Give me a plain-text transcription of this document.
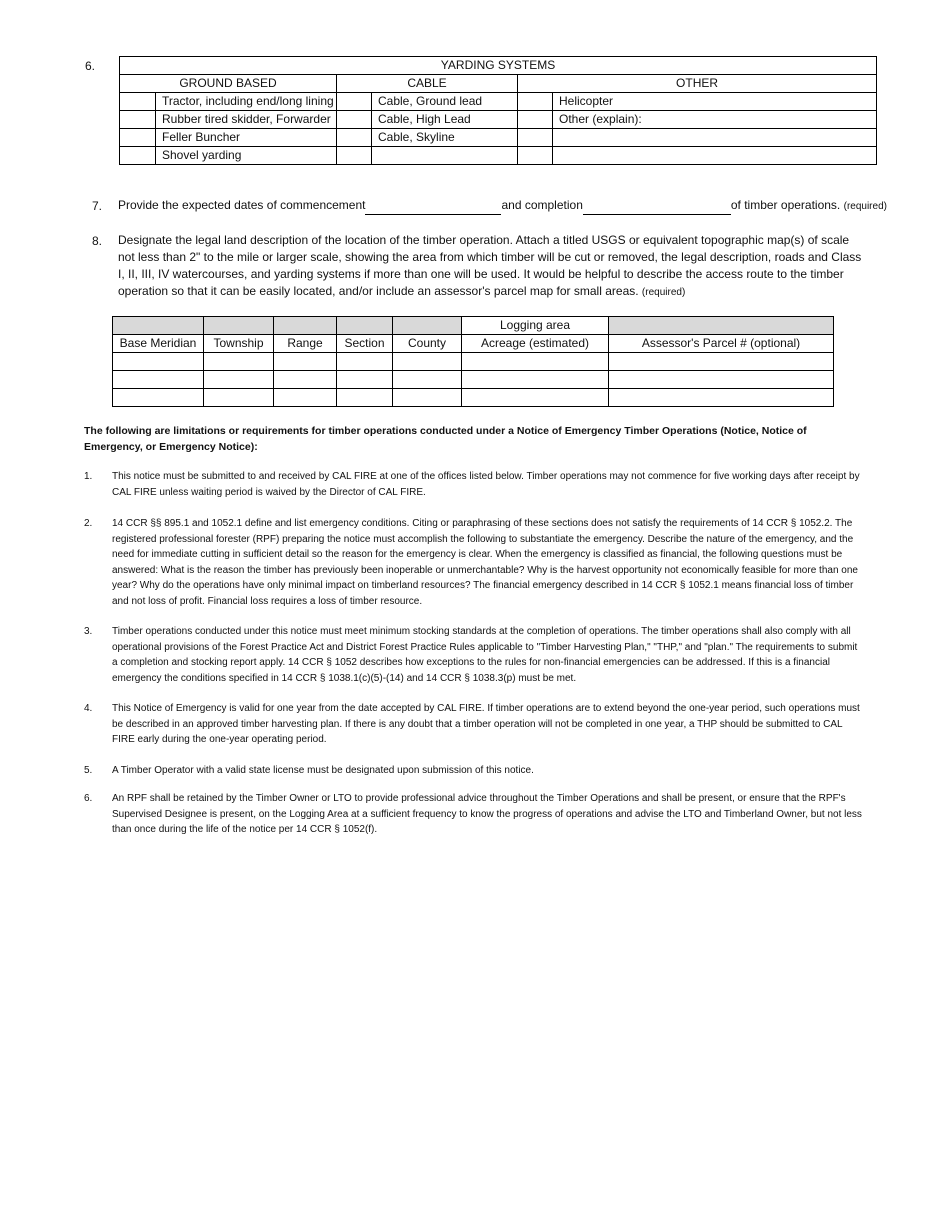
6.	YARDING SYSTEMS					
GROUND BASED		CABLE		OTHER	
	Tractor, including end/long lining		Cable, Ground lead		Helicopter
	Rubber tired skidder, Forwarder		Cable, High Lead		Other (explain):
	Feller Buncher		Cable, Skyline		
	Shovel yarding				
7. Provide the expected dates of commencement	and completion	of timber operations. (required)
8. Designate the legal land description of the location of the timber operation. Attach a titled USGS or equivalent topographic map(s) of scale not less than 2" to the mile or larger scale, showing the area from which timber will be cut or removed, the legal description, roads and Class I, II, III, IV watercourses, and yarding systems if more than one will be used. It would be helpful to describe the access route to the timber operation so that it can be easily located, and/or include an assessor's parcel map for small areas. (required)
					Logging area	
Base Meridian	Township	Range	Section	County	Acreage (estimated)	Assessor's Parcel # (optional)

The following are limitations or requirements for timber operations conducted under a Notice of Emergency Timber Operations (Notice, Notice of Emergency, or Emergency Notice):
1. This notice must be submitted to and received by CAL FIRE at one of the offices listed below. Timber operations may not commence for five working days after receipt by CAL FIRE unless waiting period is waived by the Director of CAL FIRE.
2. 14 CCR §§ 895.1 and 1052.1 define and list emergency conditions. Citing or paraphrasing of these sections does not satisfy the requirements of 14 CCR § 1052.2. The registered professional forester (RPF) preparing the notice must accomplish the following to substantiate the emergency. Describe the nature of the emergency, and the need for immediate cutting in sufficient detail so the reason for the emergency is clear. When the emergency is classified as financial, the following questions must be answered: What is the reason the timber has previously been inoperable or unmerchantable? Why is the harvest opportunity not economically feasible for more than one year? Why do the operations have only minimal impact on timberland resources? The financial emergency described in 14 CCR § 1052.1 means financial loss of timber and not loss of profit. Financial loss requires a loss of timber resource.
3. Timber operations conducted under this notice must meet minimum stocking standards at the completion of operations. The timber operations shall also comply with all operational provisions of the Forest Practice Act and District Forest Practice Rules applicable to "Timber Harvesting Plan," "THP," and "plan." The requirements to submit a completion and stocking report apply. 14 CCR § 1052 describes how exceptions to the rules for non-financial emergencies can be addressed. If this is a financial emergency the conditions specified in 14 CCR § 1038.1(c)(5)-(14) and 14 CCR § 1038.3(p) must be met.
4. This Notice of Emergency is valid for one year from the date accepted by CAL FIRE. If timber operations are to extend beyond the one-year period, such operations must be described in an approved timber harvesting plan. If there is any doubt that a timber operation will not be completed in one year, a THP should be submitted to CAL FIRE early during the one-year operating period.
5. A Timber Operator with a valid state license must be designated upon submission of this notice.
6. An RPF shall be retained by the Timber Owner or LTO to provide professional advice throughout the Timber Operations and shall be present, or ensure that the RPF's Supervised Designee is present, on the Logging Area at a sufficient frequency to know the progress of operations and advise the LTO and Timberland Owner, but not less than once during the life of the notice per 14 CCR § 1052(f).
